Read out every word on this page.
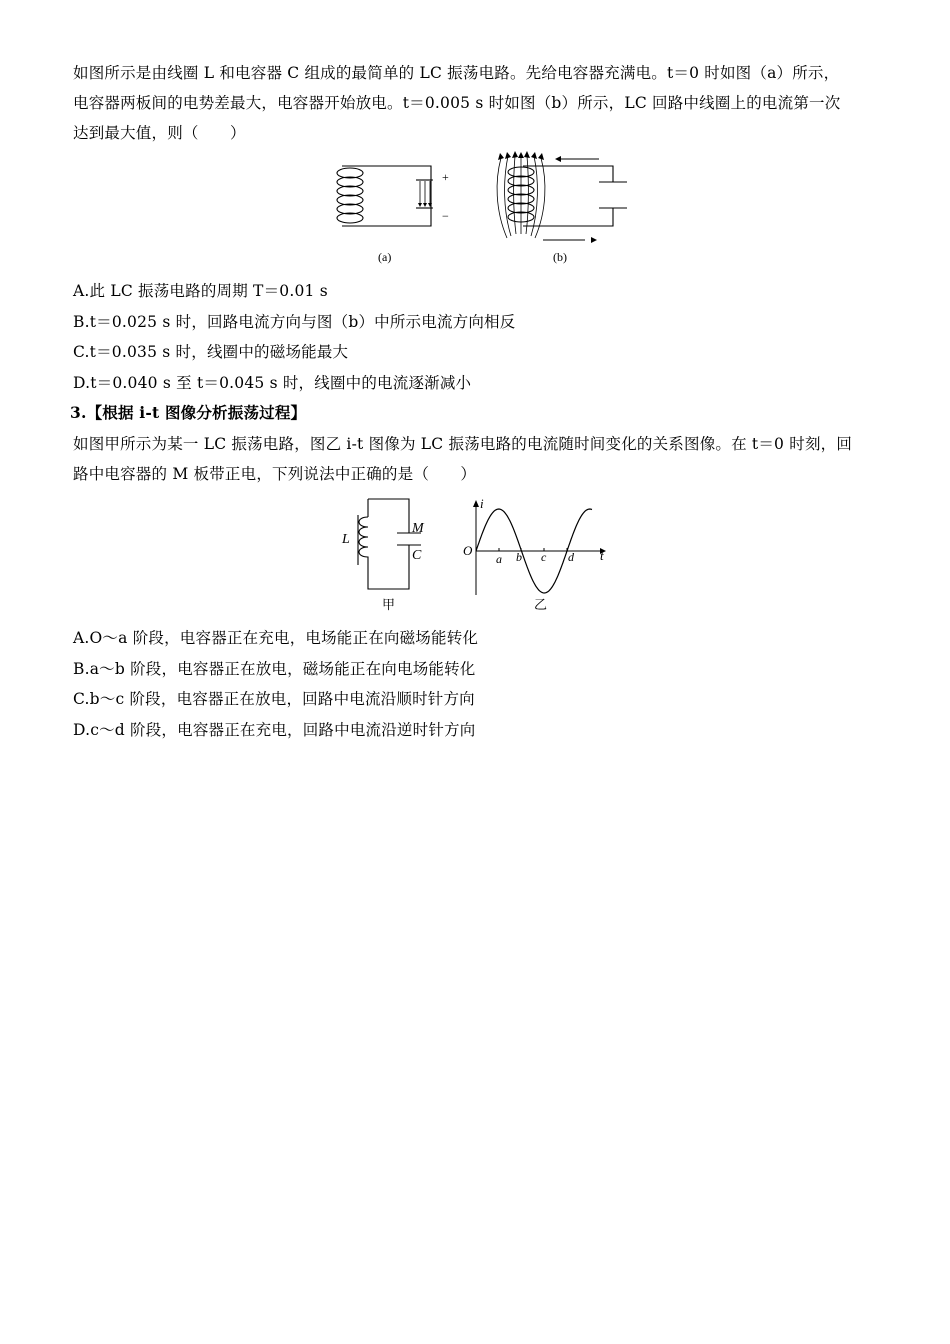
如图所示是由线圈 L 和电容器 C 组成的最简单的 LC 振荡电路。先给电容器充满电。t＝0 时如图（a）所示，
电容器两板间的电势差最大，电容器开始放电。t＝0.005 s 时如图（b）所示，LC 回路中线圈上的电流第一次
达到最大值，则（　　）
+
−
(a)	(b)
A.此 LC 振荡电路的周期 T＝0.01 s
B.t＝0.025 s 时，回路电流方向与图（b）中所示电流方向相反
C.t＝0.035 s 时，线圈中的磁场能最大
D.t＝0.040 s 至 t＝0.045 s 时，线圈中的电流逐渐减小
3.【根据 i-t 图像分析振荡过程】
如图甲所示为某一 LC 振荡电路，图乙 i-t 图像为 LC 振荡电路的电流随时间变化的关系图像。在 t＝0 时刻，回
路中电容器的 M 板带正电，下列说法中正确的是（　　）
L
M
C
甲
i
t
O
a b c d
乙
A.O～a 阶段，电容器正在充电，电场能正在向磁场能转化
B.a～b 阶段，电容器正在放电，磁场能正在向电场能转化
C.b～c 阶段，电容器正在放电，回路中电流沿顺时针方向
D.c～d 阶段，电容器正在充电，回路中电流沿逆时针方向
